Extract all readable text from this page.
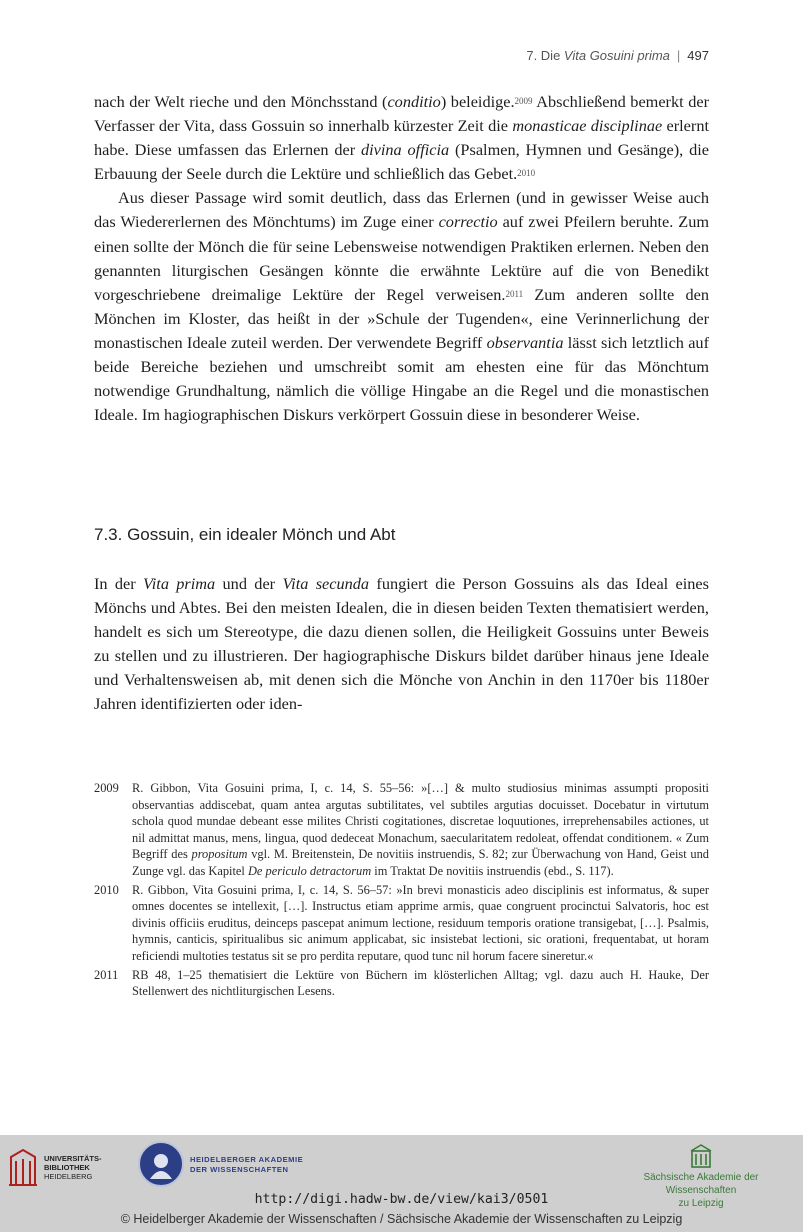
7. Die Vita Gosuini prima | 497

nach der Welt rieche und den Mönchsstand (conditio) beleidige.$^{2009}$ Abschließend bemerkt der Verfasser der Vita, dass Gossuin so innerhalb kürzester Zeit die monasticae disciplinae erlernt habe. Diese umfassen das Erlernen der divina officia (Psalmen, Hymnen und Gesänge), die Erbauung der Seele durch die Lektüre und schließlich das Gebet.$^{2010}$

Aus dieser Passage wird somit deutlich, dass das Erlernen (und in gewisser Weise auch das Wiedererlernen des Mönchtums) im Zuge einer correctio auf zwei Pfeilern beruhte. Zum einen sollte der Mönch die für seine Lebensweise notwendigen Praktiken erlernen. Neben den genannten liturgischen Gesängen könnte die erwähnte Lektüre auf die von Benedikt vorgeschriebene dreimalige Lektüre der Regel verweisen.$^{2011}$ Zum anderen sollte den Mönchen im Kloster, das heißt in der »Schule der Tugenden«, eine Verinnerlichung der monastischen Ideale zuteil werden. Der verwendete Begriff observantia lässt sich letztlich auf beide Bereiche beziehen und umschreibt somit am ehesten eine für das Mönchtum notwendige Grundhaltung, nämlich die völlige Hingabe an die Regel und die monastischen Ideale. Im hagiographischen Diskurs verkörpert Gossuin diese in besonderer Weise.

7.3. Gossuin, ein idealer Mönch und Abt

In der Vita prima und der Vita secunda fungiert die Person Gossuins als das Ideal eines Mönchs und Abtes. Bei den meisten Idealen, die in diesen beiden Texten thematisiert werden, handelt es sich um Stereotype, die dazu dienen sollen, die Heiligkeit Gossuins unter Beweis zu stellen und zu illustrieren. Der hagiographische Diskurs bildet darüber hinaus jene Ideale und Verhaltensweisen ab, mit denen sich die Mönche von Anchin in den 1170er bis 1180er Jahren identifizierten oder iden-

2009	R. Gibbon, Vita Gosuini prima, I, c. 14, S. 55–56: »[…] & multo studiosius minimas assumpti propositi observantias addiscebat, quam antea argutas subtilitates, vel subtiles argutias docuisset. Docebatur in virtutum schola quod mundae debeant esse milites Christi cogitationes, discretae loquutiones, irreprehensabiles actiones, ut nil admittat manus, mens, lingua, quod dedeceat Monachum, saecularitatem redoleat, offendat conditionem. « Zum Begriff des propositum vgl. M. Breitenstein, De novitiis instruendis, S. 82; zur Überwachung von Hand, Geist und Zunge vgl. das Kapitel De periculo detractorum im Traktat De novitiis instruendis (ebd., S. 117).
2010	R. Gibbon, Vita Gosuini prima, I, c. 14, S. 56–57: »In brevi monasticis adeo disciplinis est informatus, & super omnes docentes se intellexit, […]. Instructus etiam apprime armis, quae congruent procinctui Salvatoris, hoc est divinis officiis eruditus, deinceps pascepat animum lectione, residuum temporis oratione transigebat, […]. Psalmis, hymnis, canticis, spiritualibus sic animum applicabat, sic insistebat lectioni, sic orationi, frequentabat, ut horam reficiendi multoties testatus sit se pro perdita reputare, quod tunc nil horum facere sineretur.«
2011	RB 48, 1–25 thematisiert die Lektüre von Büchern im klösterlichen Alltag; vgl. dazu auch H. Hauke, Der Stellenwert des nichtliturgischen Lesens.
UNIVERSITÄTS-
BIBLIOTHEK
HEIDELBERG
HEIDELBERGER AKADEMIE
DER WISSENSCHAFTEN
Sächsische Akademie der Wissenschaften
zu Leipzig
http://digi.hadw-bw.de/view/kai3/0501
© Heidelberger Akademie der Wissenschaften / Sächsische Akademie der Wissenschaften zu Leipzig
